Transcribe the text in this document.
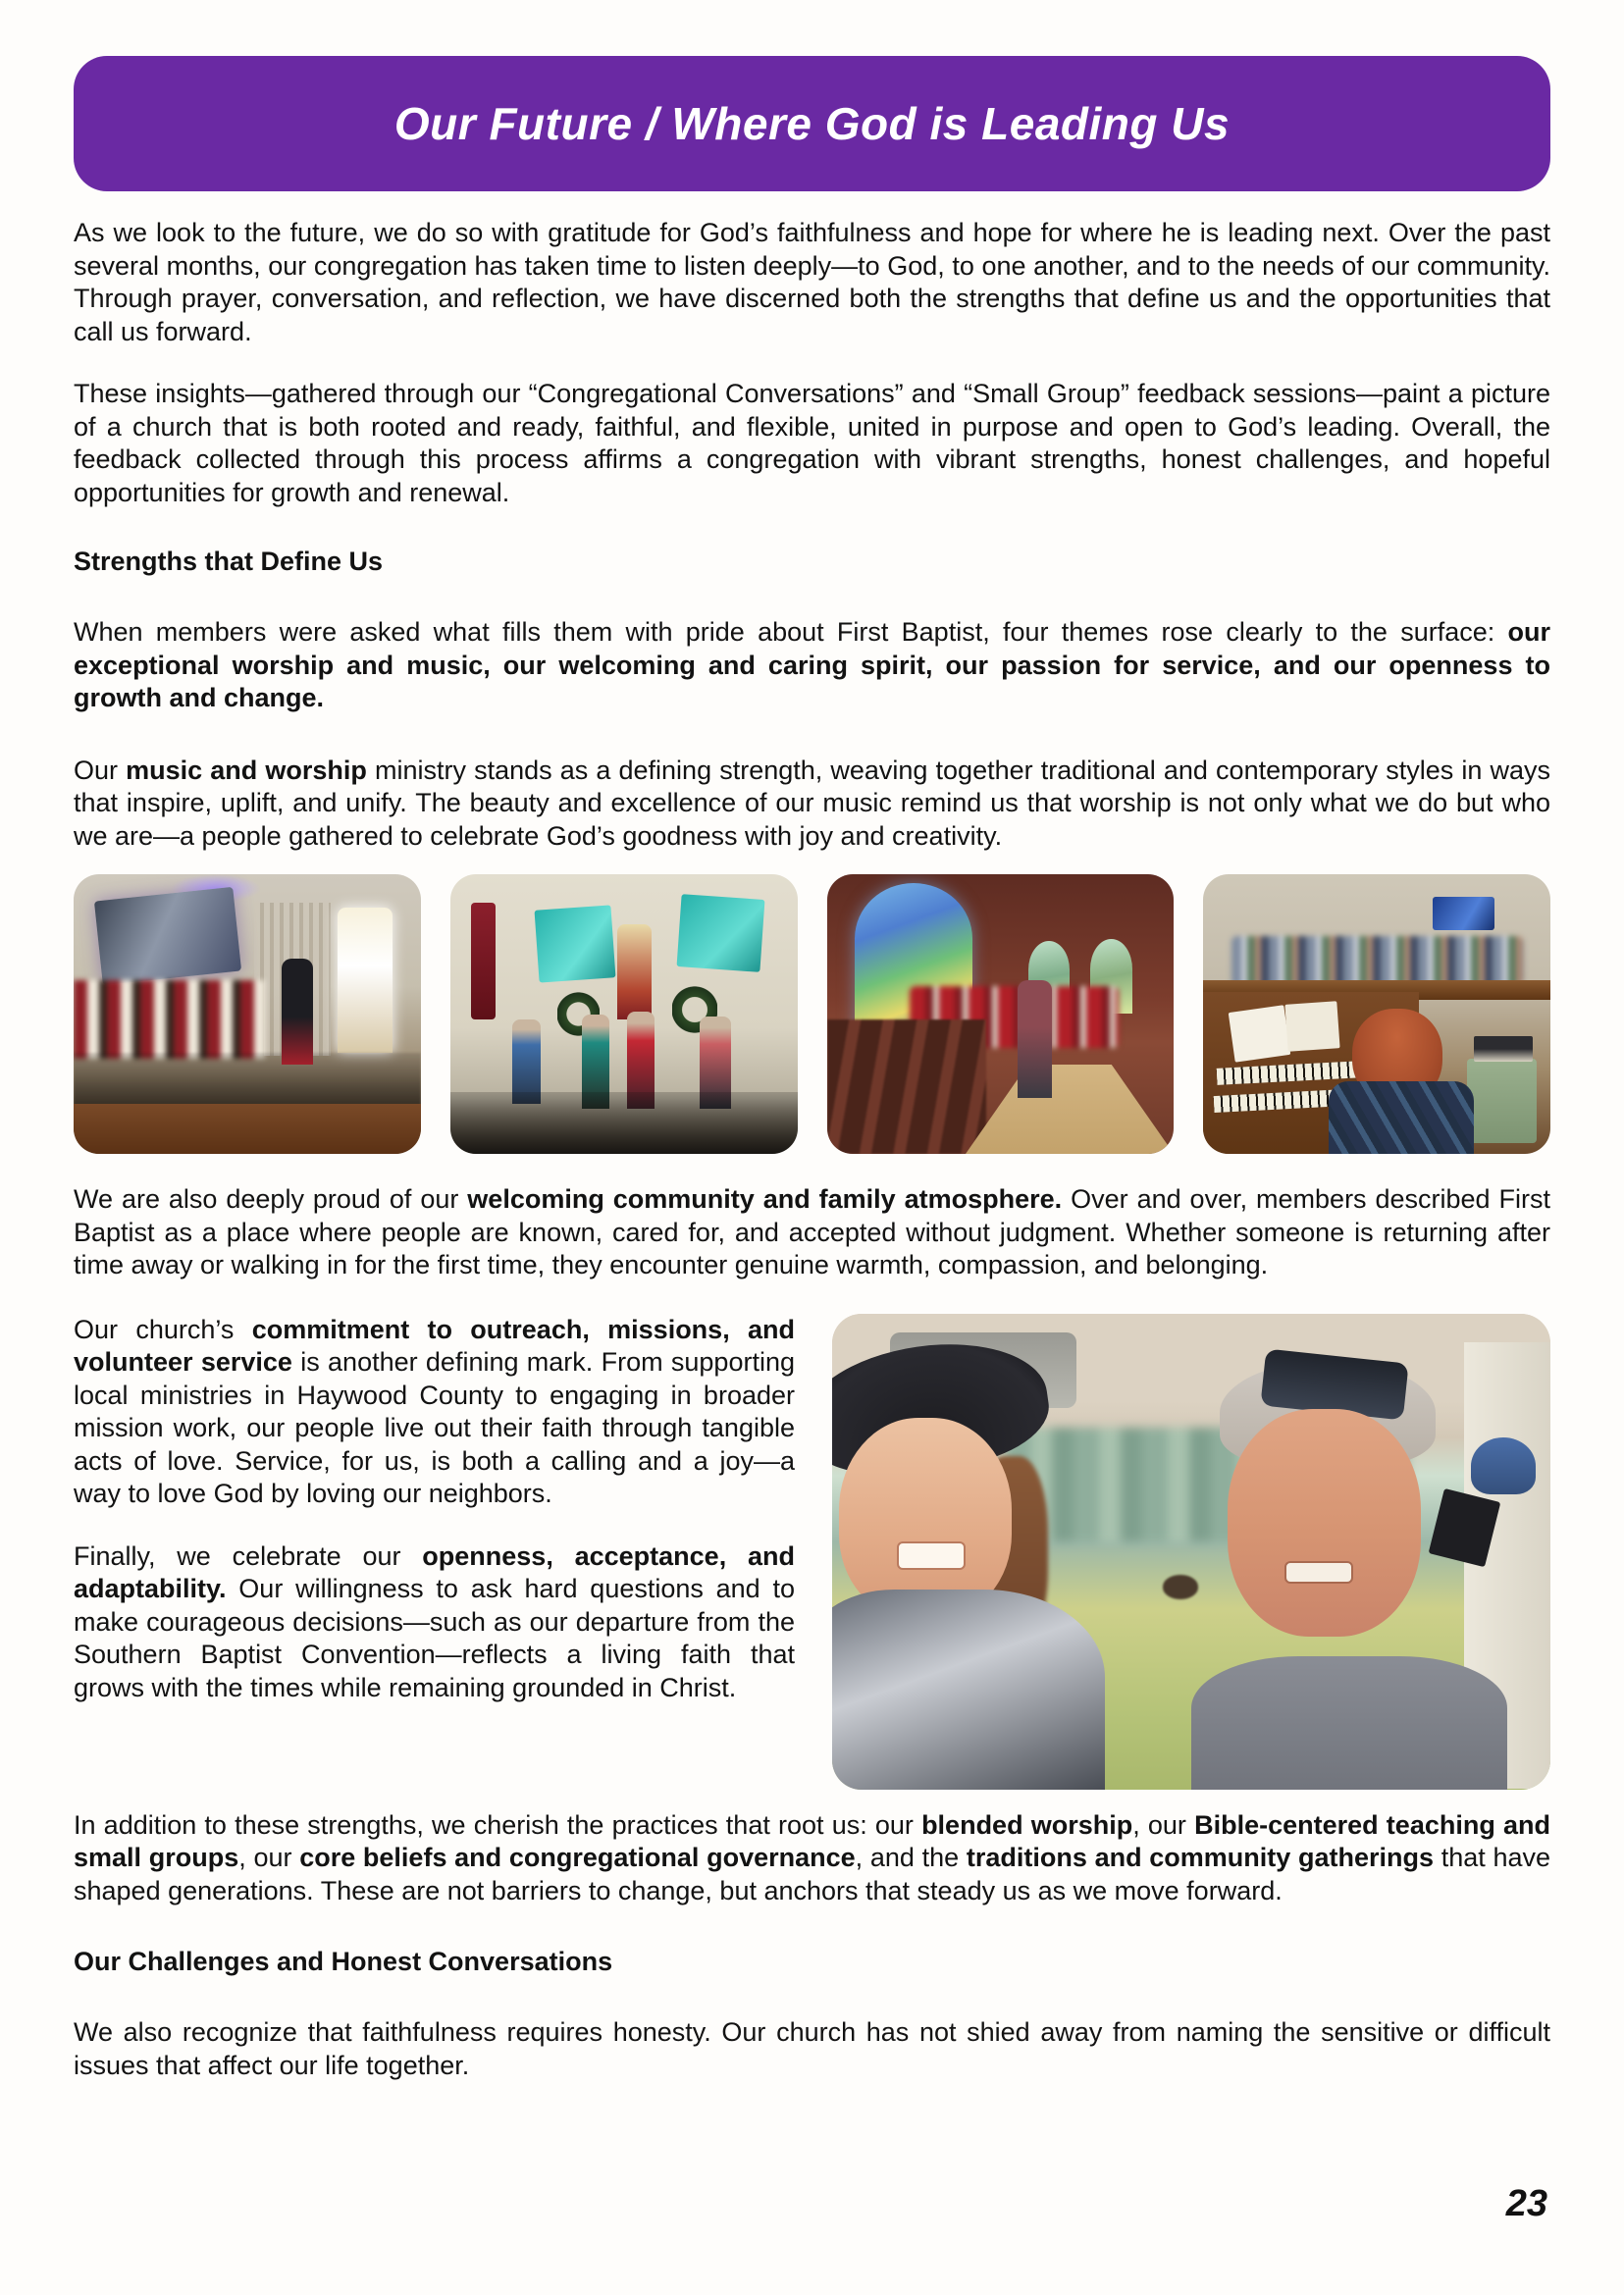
Our Future / Where God is Leading Us

As we look to the future, we do so with gratitude for God’s faithfulness and hope for where he is leading next. Over the past several months, our congregation has taken time to listen deeply—to God, to one another, and to the needs of our community. Through prayer, conversation, and reflection, we have discerned both the strengths that define us and the opportunities that call us forward.

These insights—gathered through our “Congregational Conversations” and “Small Group” feedback sessions—paint a picture of a church that is both rooted and ready, faithful, and flexible, united in purpose and open to God’s leading. Overall, the feedback collected through this process affirms a congregation with vibrant strengths, honest challenges, and hopeful opportunities for growth and renewal.

Strengths that Define Us

When members were asked what fills them with pride about First Baptist, four themes rose clearly to the surface: our exceptional worship and music, our welcoming and caring spirit, our passion for service, and our openness to growth and change.

Our music and worship ministry stands as a defining strength, weaving together traditional and contemporary styles in ways that inspire, uplift, and unify. The beauty and excellence of our music remind us that worship is not only what we do but who we are—a people gathered to celebrate God’s goodness with joy and creativity.

We are also deeply proud of our welcoming community and family atmosphere. Over and over, members described First Baptist as a place where people are known, cared for, and accepted without judgment. Whether someone is returning after time away or walking in for the first time, they encounter genuine warmth, compassion, and belonging.

Our church’s commitment to outreach, missions, and volunteer service is another defining mark. From supporting local ministries in Haywood County to engaging in broader mission work, our people live out their faith through tangible acts of love. Service, for us, is both a calling and a joy—a way to love God by loving our neighbors.

Finally, we celebrate our openness, acceptance, and adaptability. Our willingness to ask hard questions and to make courageous decisions—such as our departure from the Southern Baptist Convention—reflects a living faith that grows with the times while remaining grounded in Christ.

In addition to these strengths, we cherish the practices that root us: our blended worship, our Bible-centered teaching and small groups, our core beliefs and congregational governance, and the traditions and community gatherings that have shaped generations. These are not barriers to change, but anchors that steady us as we move forward.

Our Challenges and Honest Conversations

We also recognize that faithfulness requires honesty. Our church has not shied away from naming the sensitive or difficult issues that affect our life together.

23
